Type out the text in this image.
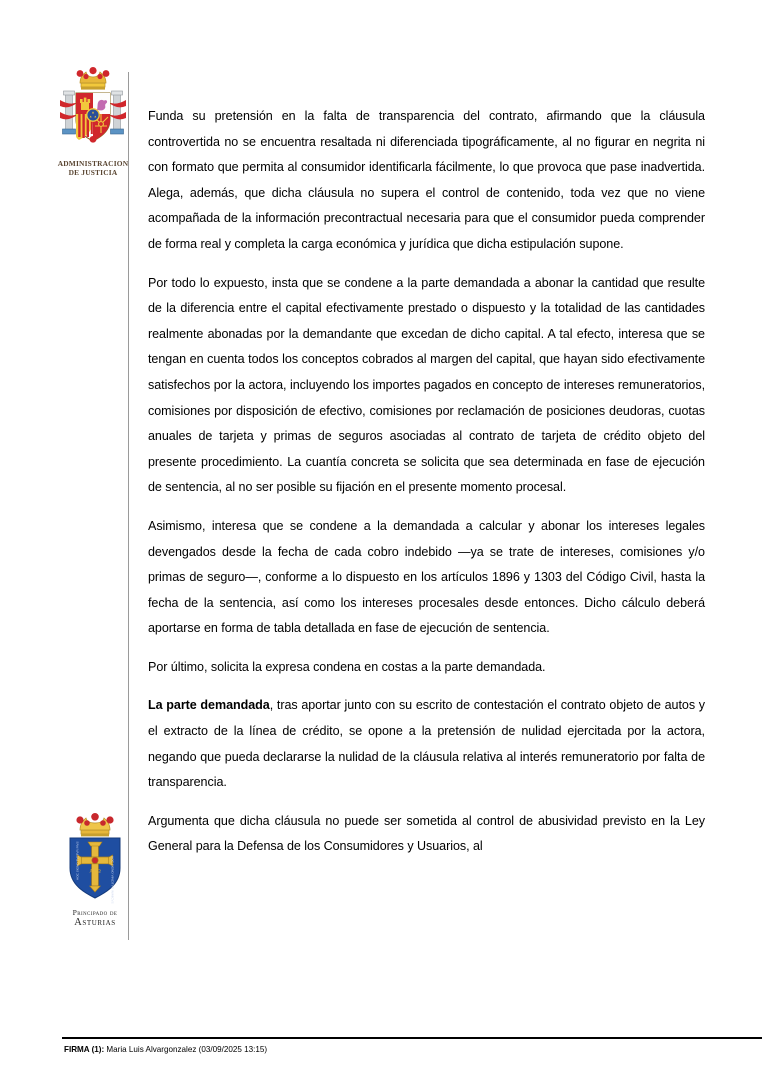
ADMINISTRACION
DE JUSTICIA
A Ω
HOC SIGNO TVETVR PIVS	HOC SIGNO VINCITVR INIMICVS
Principado de
Asturias

Funda su pretensión en la falta de transparencia del contrato, afirmando que la cláusula controvertida no se encuentra resaltada ni diferenciada tipográficamente, al no figurar en negrita ni con formato que permita al consumidor identificarla fácilmente, lo que provoca que pase inadvertida. Alega, además, que dicha cláusula no supera el control de contenido, toda vez que no viene acompañada de la información precontractual necesaria para que el consumidor pueda comprender de forma real y completa la carga económica y jurídica que dicha estipulación supone.

Por todo lo expuesto, insta que se condene a la parte demandada a abonar la cantidad que resulte de la diferencia entre el capital efectivamente prestado o dispuesto y la totalidad de las cantidades realmente abonadas por la demandante que excedan de dicho capital. A tal efecto, interesa que se tengan en cuenta todos los conceptos cobrados al margen del capital, que hayan sido efectivamente satisfechos por la actora, incluyendo los importes pagados en concepto de intereses remuneratorios, comisiones por disposición de efectivo, comisiones por reclamación de posiciones deudoras, cuotas anuales de tarjeta y primas de seguros asociadas al contrato de tarjeta de crédito objeto del presente procedimiento. La cuantía concreta se solicita que sea determinada en fase de ejecución de sentencia, al no ser posible su fijación en el presente momento procesal.

Asimismo, interesa que se condene a la demandada a calcular y abonar los intereses legales devengados desde la fecha de cada cobro indebido —ya se trate de intereses, comisiones y/o primas de seguro—, conforme a lo dispuesto en los artículos 1896 y 1303 del Código Civil, hasta la fecha de la sentencia, así como los intereses procesales desde entonces. Dicho cálculo deberá aportarse en forma de tabla detallada en fase de ejecución de sentencia.

Por último, solicita la expresa condena en costas a la parte demandada.

La parte demandada, tras aportar junto con su escrito de contestación el contrato objeto de autos y el extracto de la línea de crédito, se opone a la pretensión de nulidad ejercitada por la actora, negando que pueda declararse la nulidad de la cláusula relativa al interés remuneratorio por falta de transparencia.

Argumenta que dicha cláusula no puede ser sometida al control de abusividad previsto en la Ley General para la Defensa de los Consumidores y Usuarios, al

FIRMA (1): Maria Luis Alvargonzalez (03/09/2025 13:15)
